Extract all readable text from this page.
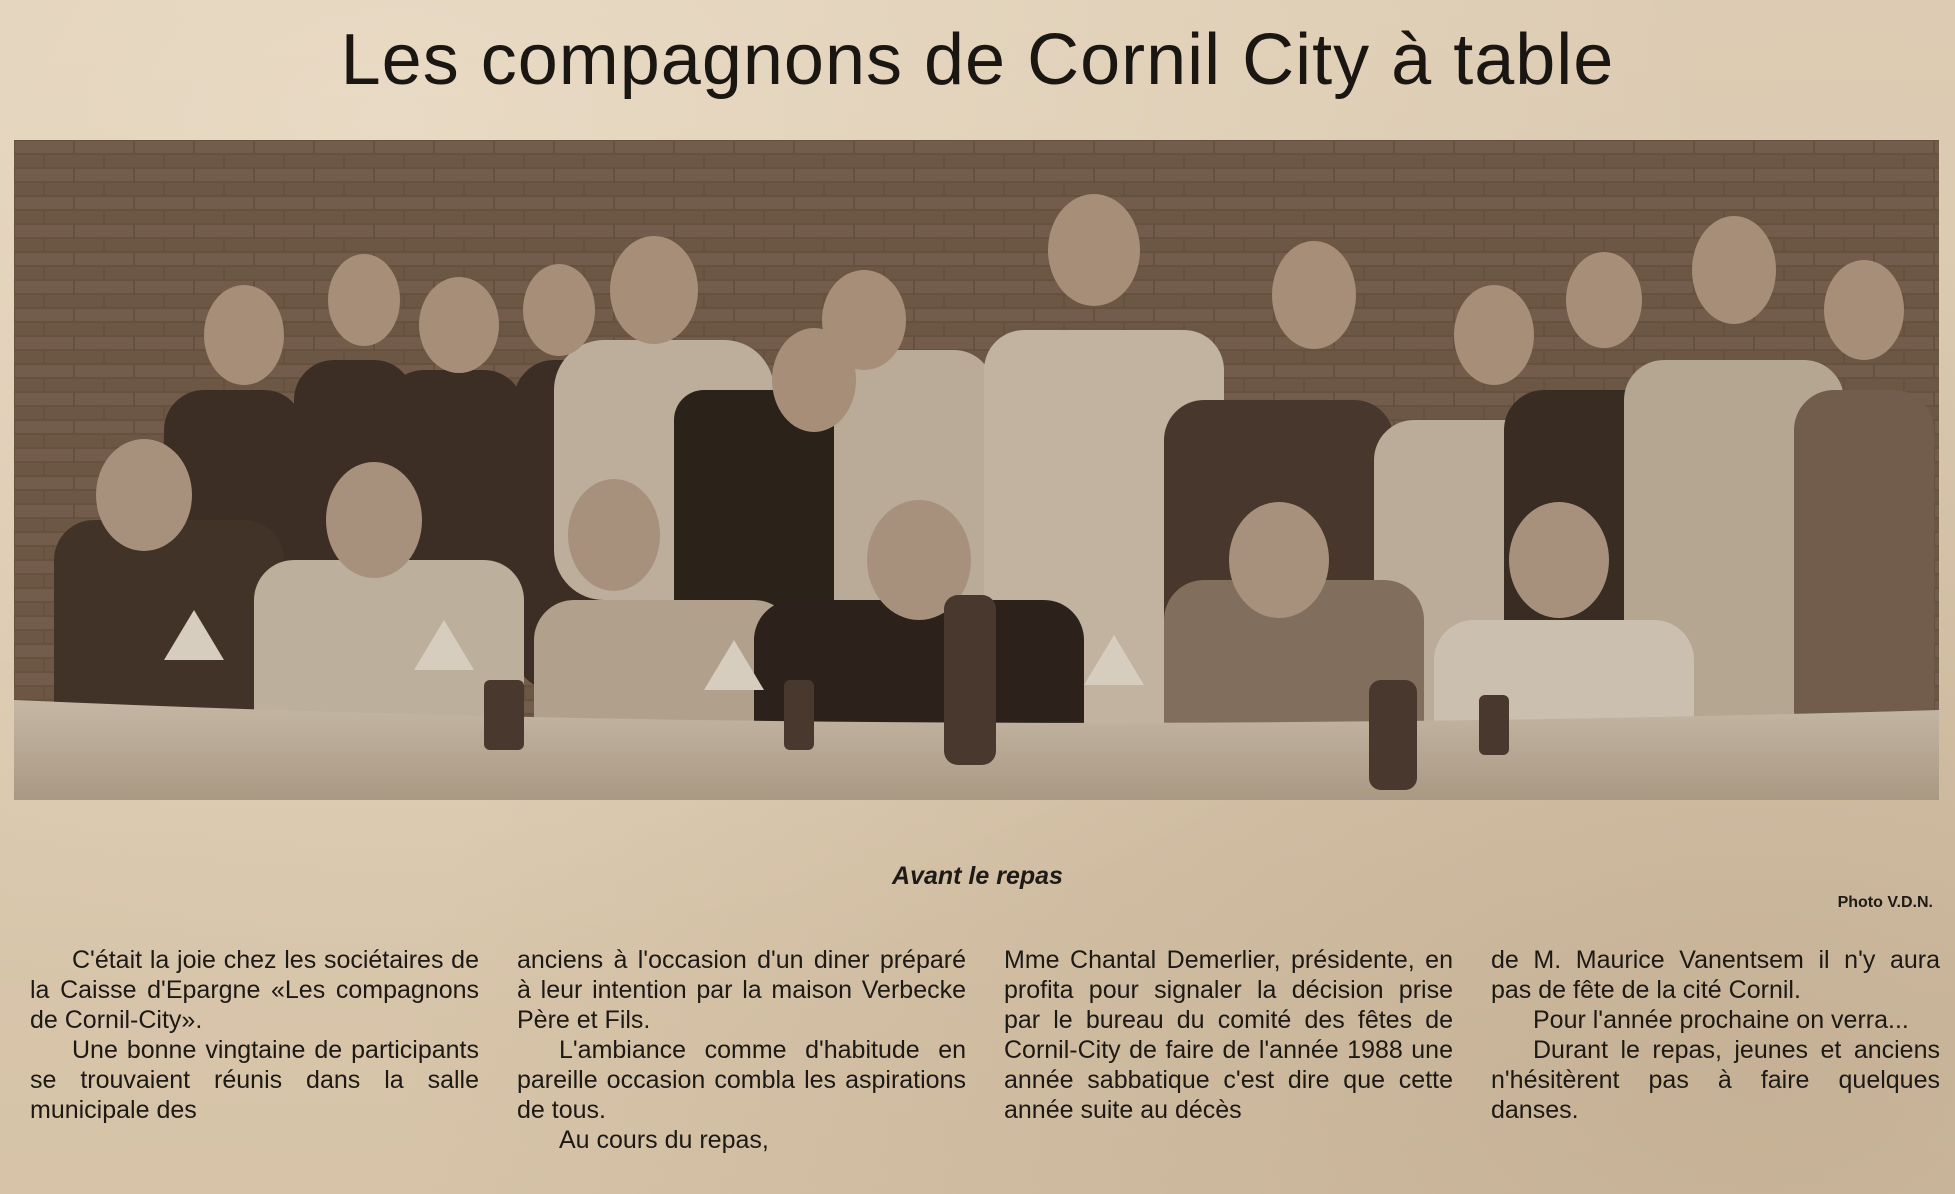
Les compagnons de Cornil City à table
Avant le repas
Photo V.D.N.

C'était la joie chez les sociétaires de la Caisse d'Epargne «Les compagnons de Cornil-City».

Une bonne vingtaine de participants se trouvaient réunis dans la salle municipale des

anciens à l'occasion d'un diner préparé à leur intention par la maison Verbecke Père et Fils.

L'ambiance comme d'habitude en pareille occasion combla les aspirations de tous.

Au cours du repas,

Mme Chantal Demerlier, présidente, en profita pour signaler la décision prise par le bureau du comité des fêtes de Cornil-City de faire de l'année 1988 une année sabbatique c'est dire que cette année suite au décès

de M. Maurice Vanentsem il n'y aura pas de fête de la cité Cornil.

Pour l'année prochaine on verra...

Durant le repas, jeunes et anciens n'hésitèrent pas à faire quelques danses.
